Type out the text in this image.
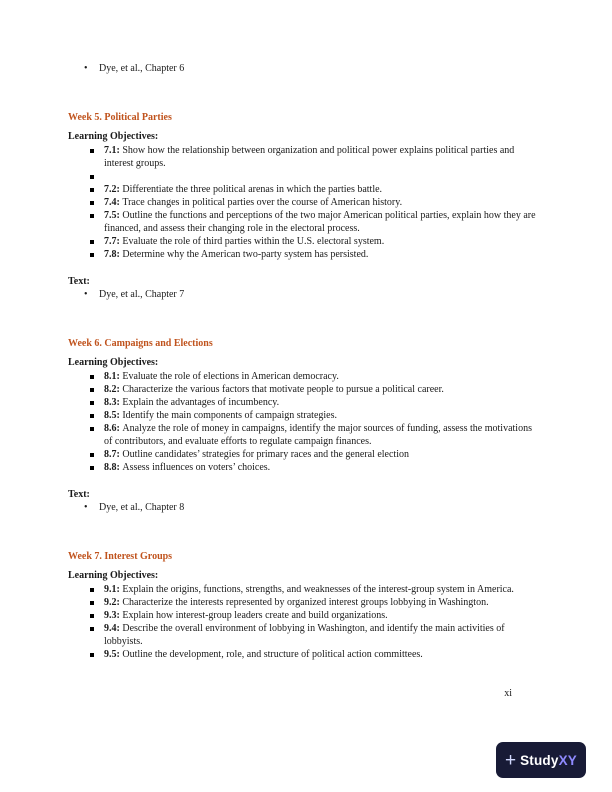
• Dye, et al., Chapter 6
Week 5. Political Parties
Learning Objectives:
7.1: Show how the relationship between organization and political power explains political parties and interest groups.
7.2: Differentiate the three political arenas in which the parties battle.
7.4: Trace changes in political parties over the course of American history.
7.5: Outline the functions and perceptions of the two major American political parties, explain how they are financed, and assess their changing role in the electoral process.
7.7: Evaluate the role of third parties within the U.S. electoral system.
7.8: Determine why the American two-party system has persisted.
Text:
• Dye, et al., Chapter 7
Week 6. Campaigns and Elections
Learning Objectives:
8.1: Evaluate the role of elections in American democracy.
8.2: Characterize the various factors that motivate people to pursue a political career.
8.3: Explain the advantages of incumbency.
8.5: Identify the main components of campaign strategies.
8.6: Analyze the role of money in campaigns, identify the major sources of funding, assess the motivations of contributors, and evaluate efforts to regulate campaign finances.
8.7: Outline candidates’ strategies for primary races and the general election
8.8: Assess influences on voters’ choices.
Text:
• Dye, et al., Chapter 8
Week 7. Interest Groups
Learning Objectives:
9.1: Explain the origins, functions, strengths, and weaknesses of the interest-group system in America.
9.2: Characterize the interests represented by organized interest groups lobbying in Washington.
9.3: Explain how interest-group leaders create and build organizations.
9.4: Describe the overall environment of lobbying in Washington, and identify the main activities of lobbyists.
9.5: Outline the development, role, and structure of political action committees.
xi
+ Study XY
